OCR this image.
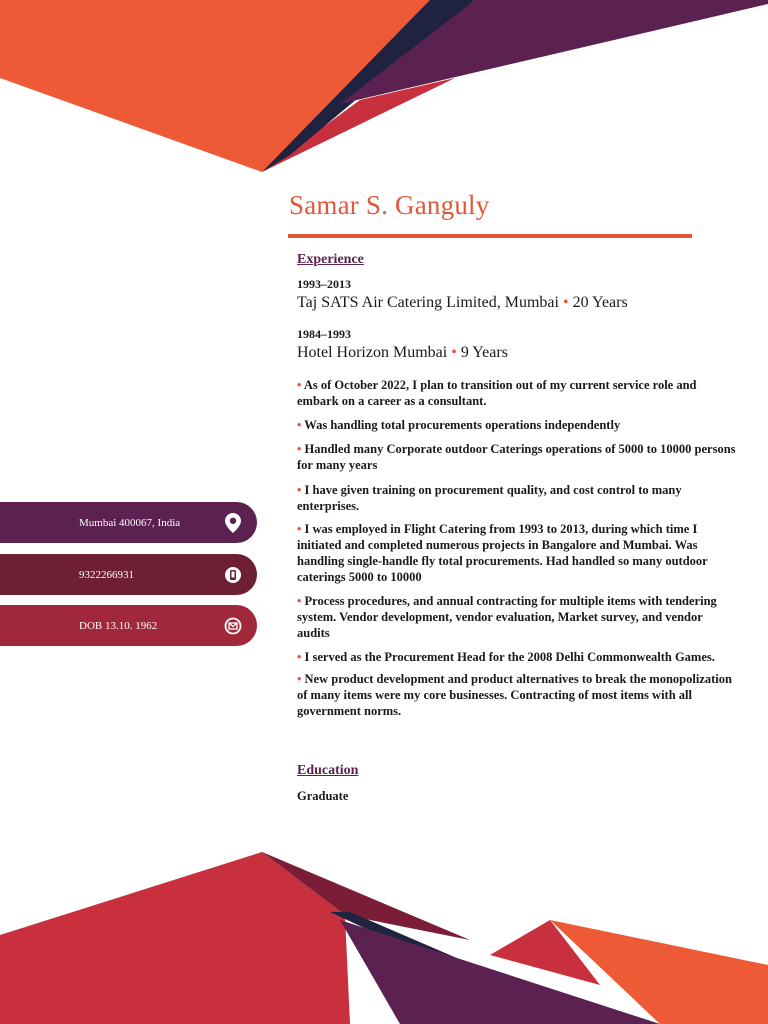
Samar S. Ganguly
Experience

1993–2013

Taj SATS Air Catering Limited, Mumbai • 20 Years

1984–1993

Hotel Horizon Mumbai • 9 Years

• As of October 2022, I plan to transition out of my current service role and embark on a career as a consultant.
• Was handling total procurements operations independently
• Handled many Corporate outdoor Caterings operations of 5000 to 10000 persons for many years
• I have given training on procurement quality, and cost control to many enterprises.
• I was employed in Flight Catering from 1993 to 2013, during which time I initiated and completed numerous projects in Bangalore and Mumbai. Was handling single-handle fly total procurements. Had handled so many outdoor caterings 5000 to 10000
• Process procedures, and annual contracting for multiple items with tendering system. Vendor development, vendor evaluation, Market survey, and vendor audits
• I served as the Procurement Head for the 2008 Delhi Commonwealth Games.
• New product development and product alternatives to break the monopolization of many items were my core businesses. Contracting of most items with all government norms.
Education

Graduate

Mumbai 400067, India
9322266931
DOB 13.10. 1962
